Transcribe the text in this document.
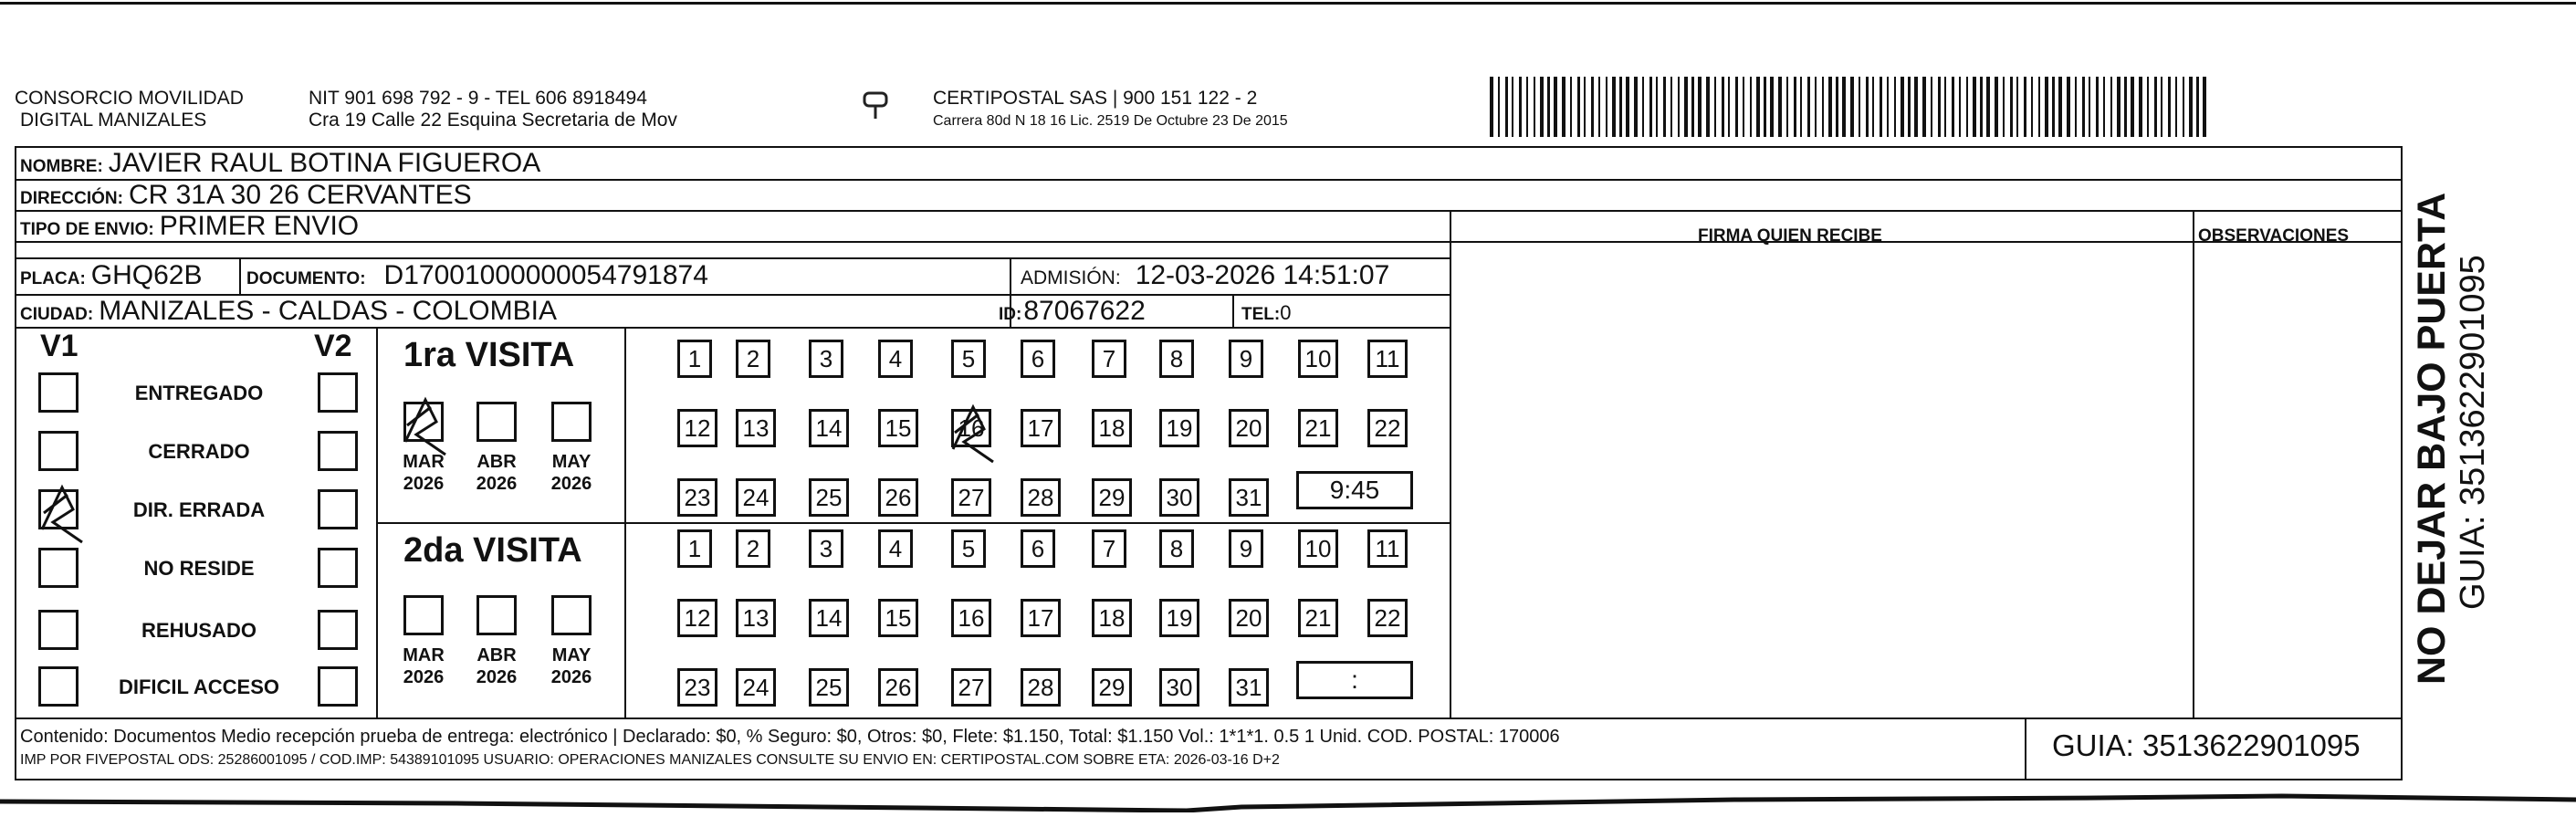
CONSORCIO MOVILIDAD
DIGITAL MANIZALES
NIT 901 698 792 - 9 - TEL 606 8918494
Cra 19 Calle 22 Esquina Secretaria de Mov
CERTIPOSTAL SAS | 900 151 122 - 2
Carrera 80d N 18 16 Lic. 2519 De Octubre 23 De 2015
NOMBRE: JAVIER RAUL BOTINA FIGUEROA
DIRECCIÓN: CR 31A 30 26 CERVANTES
TIPO DE ENVIO: PRIMER ENVIO	FIRMA QUIEN RECIBE	OBSERVACIONES
PLACA: GHQ62B	DOCUMENTO: D17001000000054791874	ADMISIÓN: 12-03-2026 14:51:07
CIUDAD: MANIZALES - CALDAS - COLOMBIA	ID: 87067622	TEL: 0
V1	V2 1ra VISITA
2da VISITA
9:45
:
Contenido: Documentos Medio recepción prueba de entrega: electrónico | Declarado: $0, % Seguro: $0, Otros: $0, Flete: $1.150, Total: $1.150 Vol.: 1*1*1. 0.5 1 Unid. COD. POSTAL: 170006
IMP POR FIVEPOSTAL ODS: 25286001095 / COD.IMP: 54389101095 USUARIO: OPERACIONES MANIZALES CONSULTE SU ENVIO EN: CERTIPOSTAL.COM SOBRE ETA: 2026-03-16 D+2	GUIA: 3513622901095
NO DEJAR BAJO PUERTA GUIA: 3513622901095
ENTREGADO
CERRADO
DIR. ERRADA
NO RESIDE
REHUSADO
DIFICIL ACCESO
MAR
2026
ABR
2026
MAY
2026
MAR
2026
ABR
2026
MAY
2026
1	2	3	4	5	6	7	8	9	10	11
12 13 14 15 16 17 18 19 20 21 22
23 24 25 26 27 28 29 30 31
1	2	3	4	5	6	7	8	9	10	11
12 13 14 15 16 17 18 19 20 21 22
23 24 25 26 27 28 29 30 31
